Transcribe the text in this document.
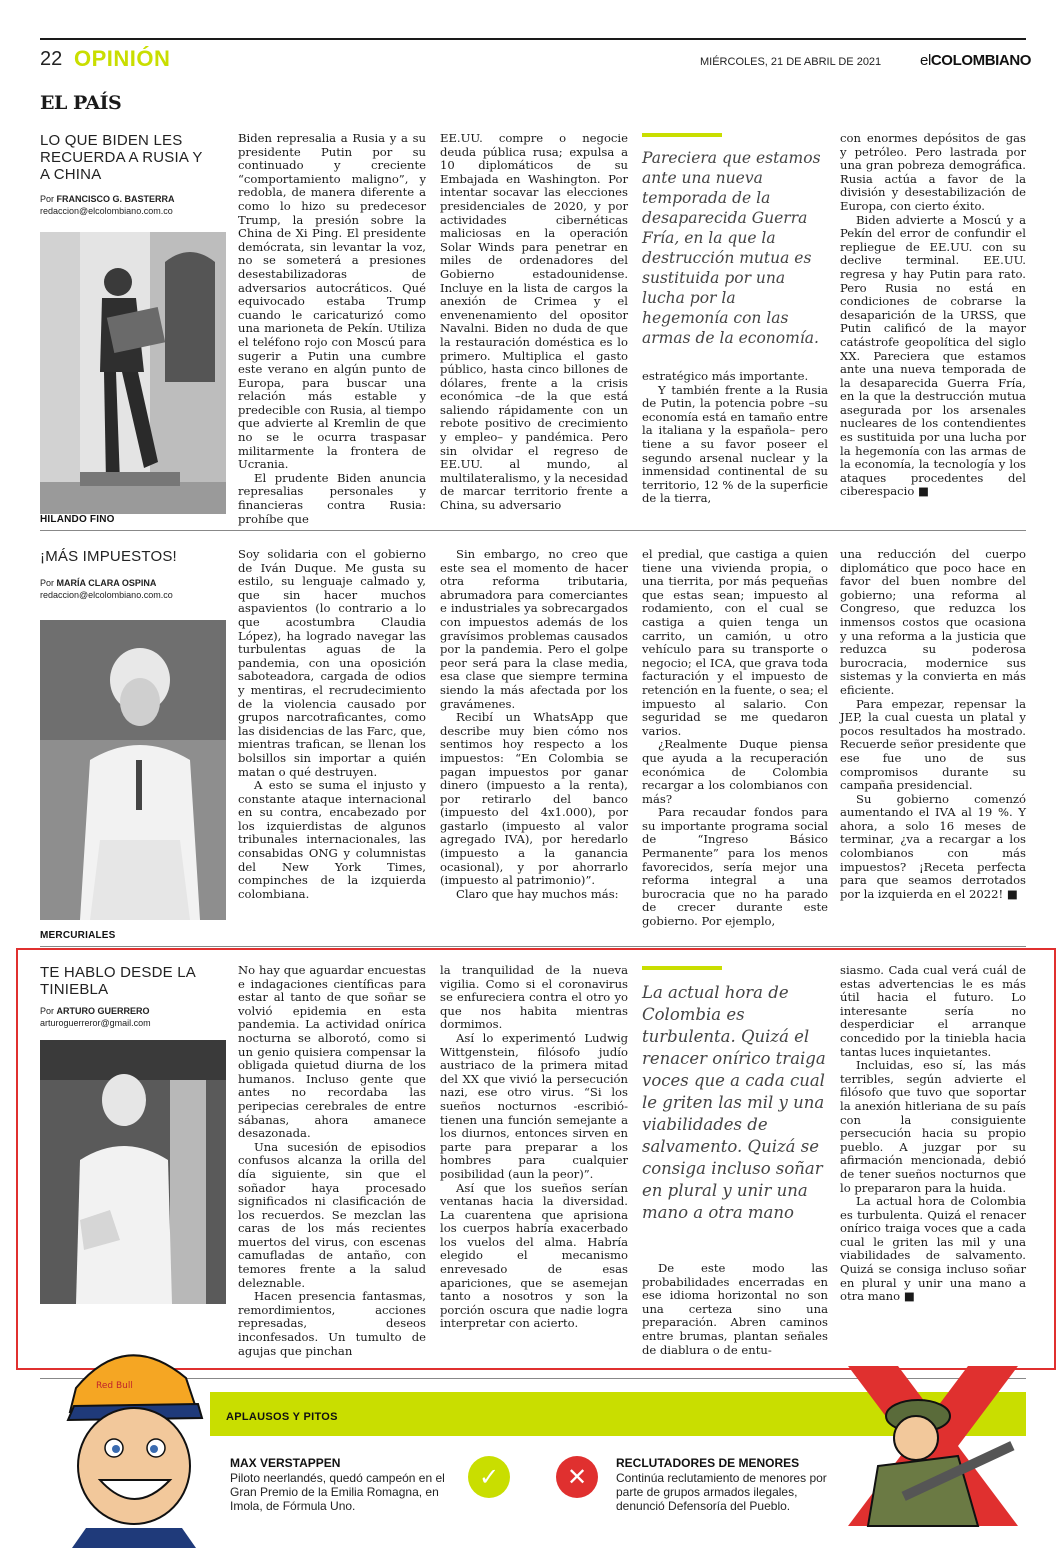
22 OPINIÓN	MIÉRCOLES, 21 DE ABRIL DE 2021	elCOLOMBIANO
EL PAÍS
LO QUE BIDEN LES RECUERDA A RUSIA Y A CHINA
Por FRANCISCO G. BASTERRA
redaccion@elcolombiano.com.co

Biden represalia a Rusia y a su presidente Putin por su continuado y creciente “comportamiento maligno”, y redobla, de manera diferente a como lo hizo su predecesor Trump, la presión sobre la China de Xi Ping. El presidente demócrata, sin levantar la voz, no se someterá a presiones desestabilizadoras de adversarios autocráticos. Qué equivocado estaba Trump cuando le caricaturizó como una marioneta de Pekín. Utiliza el teléfono rojo con Moscú para sugerir a Putin una cumbre este verano en algún punto de Europa, para buscar una relación más estable y predecible con Rusia, al tiempo que advierte al Kremlin de que no se le ocurra traspasar militarmente la frontera de Ucrania.

El prudente Biden anuncia represalias personales y financieras contra Rusia: prohíbe que

EE.UU. compre o negocie deuda pública rusa; expulsa a 10 diplomáticos de su Embajada en Washington. Por intentar socavar las elecciones presidenciales de 2020, y por actividades cibernéticas maliciosas en la operación Solar Winds para penetrar en miles de ordenadores del Gobierno estadounidense. Incluye en la lista de cargos la anexión de Crimea y el envenenamiento del opositor Navalni. Biden no duda de que la restauración doméstica es lo primero. Multiplica el gasto público, hasta cinco billones de dólares, frente a la crisis económica –de la que está saliendo rápidamente con un rebote positivo de crecimiento y empleo– y pandémica. Pero sin olvidar el regreso de EE.UU. al mundo, al multilateralismo, y la necesidad de marcar territorio frente a China, su adversario

Pareciera que estamos ante una nueva temporada de la desaparecida Guerra Fría, en la que la destrucción mutua es sustituida por una lucha por la hegemonía con las armas de la economía.

estratégico más importante.

Y también frente a la Rusia de Putin, la potencia pobre –su economía está en tamaño entre la italiana y la española– pero tiene a su favor poseer el segundo arsenal nuclear y la inmensidad continental de su territorio, 12 % de la superficie de la tierra,

con enormes depósitos de gas y petróleo. Pero lastrada por una gran pobreza demográfica. Rusia actúa a favor de la división y desestabilización de Europa, con cierto éxito.

Biden advierte a Moscú y a Pekín del error de confundir el repliegue de EE.UU. con su declive terminal. EE.UU. regresa y hay Putin para rato. Pero Rusia no está en condiciones de cobrarse la desaparición de la URSS, que Putin calificó de la mayor catástrofe geopolítica del siglo XX. Pareciera que estamos ante una nueva temporada de la desaparecida Guerra Fría, en la que la destrucción mutua asegurada por los arsenales nucleares de los contendientes es sustituida por una lucha por la hegemonía con las armas de la economía, la tecnología y los ataques procedentes del ciberespacio ■

HILANDO FINO
¡MÁS IMPUESTOS!
Por MARÍA CLARA OSPINA
redaccion@elcolombiano.com.co

Soy solidaria con el gobierno de Iván Duque. Me gusta su estilo, su lenguaje calmado y, que sin hacer muchos aspavientos (lo contrario a lo que acostumbra Claudia López), ha logrado navegar las turbulentas aguas de la pandemia, con una oposición saboteadora, cargada de odios y mentiras, el recrudecimiento de la violencia causado por grupos narcotraficantes, como las disidencias de las Farc, que, mientras trafican, se llenan los bolsillos sin importar a quién matan o qué destruyen.

A esto se suma el injusto y constante ataque internacional en su contra, encabezado por los izquierdistas de algunos tribunales internacionales, las consabidas ONG y columnistas del New York Times, compinches de la izquierda colombiana.

Sin embargo, no creo que este sea el momento de hacer otra reforma tributaria, abrumadora para comerciantes e industriales ya sobrecargados con impuestos además de los gravísimos problemas causados por la pandemia. Pero el golpe peor será para la clase media, esa clase que siempre termina siendo la más afectada por los gravámenes.

Recibí un WhatsApp que describe muy bien cómo nos sentimos hoy respecto a los impuestos: “En Colombia se pagan impuestos por ganar dinero (impuesto a la renta), por retirarlo del banco (impuesto del 4x1.000), por gastarlo (impuesto al valor agregado IVA), por heredarlo (impuesto a la ganancia ocasional), y por ahorrarlo (impuesto al patrimonio)”.

Claro que hay muchos más:

el predial, que castiga a quien tiene una vivienda propia, o una tierrita, por más pequeñas que estas sean; impuesto al rodamiento, con el cual se castiga a quien tenga un carrito, un camión, u otro vehículo para su transporte o negocio; el ICA, que grava toda facturación y el impuesto de retención en la fuente, o sea; el impuesto al salario. Con seguridad se me quedaron varios.

¿Realmente Duque piensa que ayuda a la recuperación económica de Colombia recargar a los colombianos con más?

Para recaudar fondos para su importante programa social de “Ingreso Básico Permanente” para los menos favorecidos, sería mejor una reforma integral a una burocracia que no ha parado de crecer durante este gobierno. Por ejemplo,

una reducción del cuerpo diplomático que poco hace en favor del buen nombre del gobierno; una reforma al Congreso, que reduzca los inmensos costos que ocasiona y una reforma a la justicia que reduzca su poderosa burocracia, modernice sus sistemas y la convierta en más eficiente.

Para empezar, repensar la JEP, la cual cuesta un platal y pocos resultados ha mostrado. Recuerde señor presidente que ese fue uno de sus compromisos durante su campaña presidencial.

Su gobierno comenzó aumentando el IVA al 19 %. Y ahora, a solo 16 meses de terminar, ¿va a recargar a los colombianos con más impuestos? ¡Receta perfecta para que seamos derrotados por la izquierda en el 2022! ■

MERCURIALES
TE HABLO DESDE LA TINIEBLA
Por ARTURO GUERRERO
arturoguerreror@gmail.com

No hay que aguardar encuestas e indagaciones científicas para estar al tanto de que soñar se volvió epidemia en esta pandemia. La actividad onírica nocturna se alborotó, como si un genio quisiera compensar la obligada quietud diurna de los humanos. Incluso gente que antes no recordaba las peripecias cerebrales de entre sábanas, ahora amanece desazonada.

Una sucesión de episodios confusos alcanza la orilla del día siguiente, sin que el soñador haya procesado significados ni clasificación de los recuerdos. Se mezclan las caras de los más recientes muertos del virus, con escenas camufladas de antaño, con temores frente a la salud deleznable.

Hacen presencia fantasmas, remordimientos, acciones represadas, deseos inconfesados. Un tumulto de agujas que pinchan

la tranquilidad de la nueva vigilia. Como si el coronavirus se enfureciera contra el otro yo que nos habita mientras dormimos.

Así lo experimentó Ludwig Wittgenstein, filósofo judío austriaco de la primera mitad del XX que vivió la persecución nazi, ese otro virus. “Si los sueños nocturnos -escribió- tienen una función semejante a los diurnos, entonces sirven en parte para preparar a los hombres para cualquier posibilidad (aun la peor)”.

Así que los sueños serían ventanas hacia la diversidad. La cuarentena que aprisiona los cuerpos habría exacerbado los vuelos del alma. Habría elegido el mecanismo enrevesado de esas apariciones, que se asemejan tanto a nosotros y son la porción oscura que nadie logra interpretar con acierto.

La actual hora de Colombia es turbulenta. Quizá el renacer onírico traiga voces que a cada cual le griten las mil y una viabilidades de salvamento. Quizá se consiga incluso soñar en plural y unir una mano a otra mano

De este modo las probabilidades encerradas en ese idioma horizontal no son una certeza sino una preparación. Abren caminos entre brumas, plantan señales de diablura o de entu-

siasmo. Cada cual verá cuál de estas advertencias le es más útil hacia el futuro. Lo interesante sería no desperdiciar el arranque concedido por la tiniebla hacia tantas luces inquietantes.

Incluidas, eso sí, las más terribles, según advierte el filósofo que tuvo que soportar la anexión hitleriana de su país con la consiguiente persecución hacia su propio pueblo. A juzgar por su afirmación mencionada, debió de tener sueños nocturnos que lo prepararon para la huida.

La actual hora de Colombia es turbulenta. Quizá el renacer onírico traiga voces que a cada cual le griten las mil y una viabilidades de salvamento. Quizá se consiga incluso soñar en plural y unir una mano a otra mano ■

APLAUSOS Y PITOS
Red Bull
MAX VERSTAPPEN
Piloto neerlandés, quedó campeón en el Gran Premio de la Emilia Romagna, en Imola, de Fórmula Uno.
✓	✕	RECLUTADORES DE MENORES
Continúa reclutamiento de menores por parte de grupos armados ilegales, denunció Defensoría del Pueblo.
